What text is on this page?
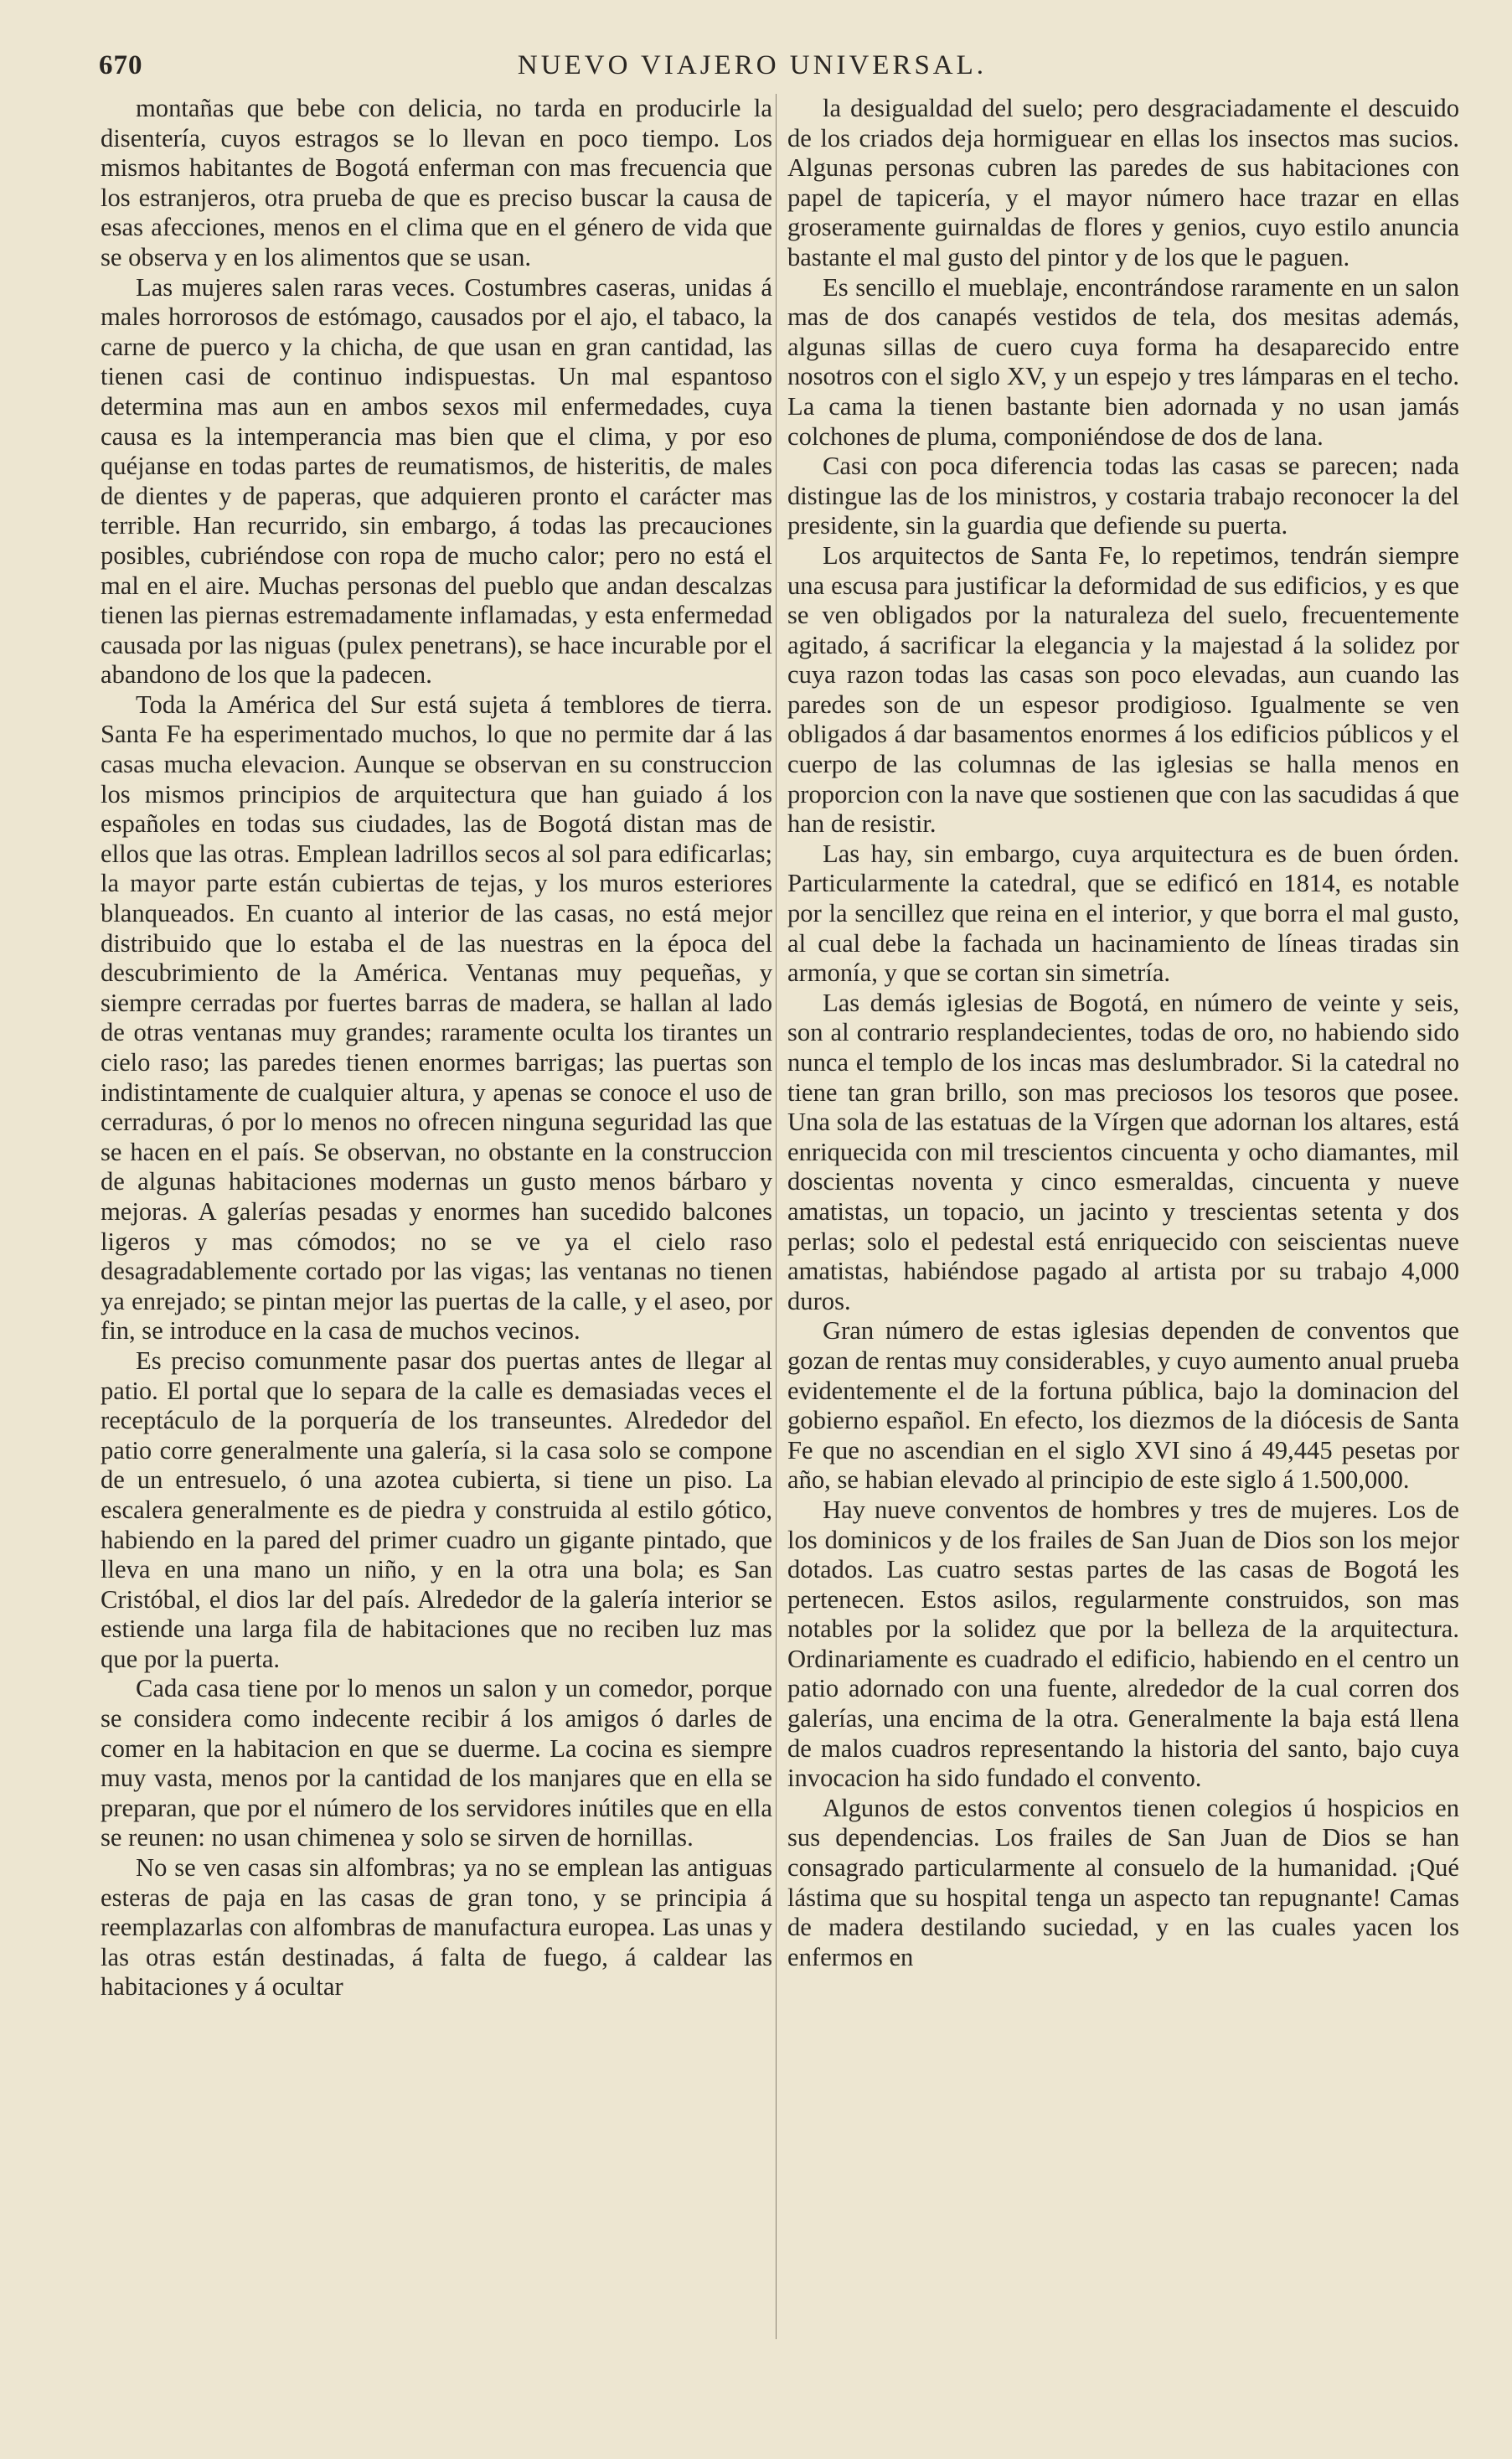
670	NUEVO VIAJERO UNIVERSAL.

montañas que bebe con delicia, no tarda en producirle la disentería, cuyos estragos se lo llevan en poco tiempo. Los mismos habitantes de Bogotá enferman con mas frecuencia que los estranjeros, otra prueba de que es preciso buscar la causa de esas afecciones, menos en el clima que en el género de vida que se observa y en los alimentos que se usan.

Las mujeres salen raras veces. Costumbres caseras, unidas á males horrorosos de estómago, causados por el ajo, el tabaco, la carne de puerco y la chicha, de que usan en gran cantidad, las tienen casi de continuo indispuestas. Un mal espantoso determina mas aun en ambos sexos mil enfermedades, cuya causa es la intemperancia mas bien que el clima, y por eso quéjanse en todas partes de reumatismos, de histeritis, de males de dientes y de paperas, que adquieren pronto el carácter mas terrible. Han recurrido, sin embargo, á todas las precauciones posibles, cubriéndose con ropa de mucho calor; pero no está el mal en el aire. Muchas personas del pueblo que andan descalzas tienen las piernas estremadamente inflamadas, y esta enfermedad causada por las niguas (pulex penetrans), se hace incurable por el abandono de los que la padecen.

Toda la América del Sur está sujeta á temblores de tierra. Santa Fe ha esperimentado muchos, lo que no permite dar á las casas mucha elevacion. Aunque se observan en su construccion los mismos principios de arquitectura que han guiado á los españoles en todas sus ciudades, las de Bogotá distan mas de ellos que las otras. Emplean ladrillos secos al sol para edificarlas; la mayor parte están cubiertas de tejas, y los muros esteriores blanqueados. En cuanto al interior de las casas, no está mejor distribuido que lo estaba el de las nuestras en la época del descubrimiento de la América. Ventanas muy pequeñas, y siempre cerradas por fuertes barras de madera, se hallan al lado de otras ventanas muy grandes; raramente oculta los tirantes un cielo raso; las paredes tienen enormes barrigas; las puertas son indistintamente de cualquier altura, y apenas se conoce el uso de cerraduras, ó por lo menos no ofrecen ninguna seguridad las que se hacen en el país. Se observan, no obstante en la construccion de algunas habitaciones modernas un gusto menos bárbaro y mejoras. A galerías pesadas y enormes han sucedido balcones ligeros y mas cómodos; no se ve ya el cielo raso desagradablemente cortado por las vigas; las ventanas no tienen ya enrejado; se pintan mejor las puertas de la calle, y el aseo, por fin, se introduce en la casa de muchos vecinos.

Es preciso comunmente pasar dos puertas antes de llegar al patio. El portal que lo separa de la calle es demasiadas veces el receptáculo de la porquería de los transeuntes. Alrededor del patio corre generalmente una galería, si la casa solo se compone de un entresuelo, ó una azotea cubierta, si tiene un piso. La escalera generalmente es de piedra y construida al estilo gótico, habiendo en la pared del primer cuadro un gigante pintado, que lleva en una mano un niño, y en la otra una bola; es San Cristóbal, el dios lar del país. Alrededor de la galería interior se estiende una larga fila de habitaciones que no reciben luz mas que por la puerta.

Cada casa tiene por lo menos un salon y un comedor, porque se considera como indecente recibir á los amigos ó darles de comer en la habitacion en que se duerme. La cocina es siempre muy vasta, menos por la cantidad de los manjares que en ella se preparan, que por el número de los servidores inútiles que en ella se reunen: no usan chimenea y solo se sirven de hornillas.

No se ven casas sin alfombras; ya no se emplean las antiguas esteras de paja en las casas de gran tono, y se principia á reemplazarlas con alfombras de manufactura europea. Las unas y las otras están destinadas, á falta de fuego, á caldear las habitaciones y á ocultar

la desigualdad del suelo; pero desgraciadamente el descuido de los criados deja hormiguear en ellas los insectos mas sucios. Algunas personas cubren las paredes de sus habitaciones con papel de tapicería, y el mayor número hace trazar en ellas groseramente guirnaldas de flores y genios, cuyo estilo anuncia bastante el mal gusto del pintor y de los que le paguen.

Es sencillo el mueblaje, encontrándose raramente en un salon mas de dos canapés vestidos de tela, dos mesitas además, algunas sillas de cuero cuya forma ha desaparecido entre nosotros con el siglo XV, y un espejo y tres lámparas en el techo. La cama la tienen bastante bien adornada y no usan jamás colchones de pluma, componiéndose de dos de lana.

Casi con poca diferencia todas las casas se parecen; nada distingue las de los ministros, y costaria trabajo reconocer la del presidente, sin la guardia que defiende su puerta.

Los arquitectos de Santa Fe, lo repetimos, tendrán siempre una escusa para justificar la deformidad de sus edificios, y es que se ven obligados por la naturaleza del suelo, frecuentemente agitado, á sacrificar la elegancia y la majestad á la solidez por cuya razon todas las casas son poco elevadas, aun cuando las paredes son de un espesor prodigioso. Igualmente se ven obligados á dar basamentos enormes á los edificios públicos y el cuerpo de las columnas de las iglesias se halla menos en proporcion con la nave que sostienen que con las sacudidas á que han de resistir.

Las hay, sin embargo, cuya arquitectura es de buen órden. Particularmente la catedral, que se edificó en 1814, es notable por la sencillez que reina en el interior, y que borra el mal gusto, al cual debe la fachada un hacinamiento de líneas tiradas sin armonía, y que se cortan sin simetría.

Las demás iglesias de Bogotá, en número de veinte y seis, son al contrario resplandecientes, todas de oro, no habiendo sido nunca el templo de los incas mas deslumbrador. Si la catedral no tiene tan gran brillo, son mas preciosos los tesoros que posee. Una sola de las estatuas de la Vírgen que adornan los altares, está enriquecida con mil trescientos cincuenta y ocho diamantes, mil doscientas noventa y cinco esmeraldas, cincuenta y nueve amatistas, un topacio, un jacinto y trescientas setenta y dos perlas; solo el pedestal está enriquecido con seiscientas nueve amatistas, habiéndose pagado al artista por su trabajo 4,000 duros.

Gran número de estas iglesias dependen de conventos que gozan de rentas muy considerables, y cuyo aumento anual prueba evidentemente el de la fortuna pública, bajo la dominacion del gobierno español. En efecto, los diezmos de la diócesis de Santa Fe que no ascendian en el siglo XVI sino á 49,445 pesetas por año, se habian elevado al principio de este siglo á 1.500,000.

Hay nueve conventos de hombres y tres de mujeres. Los de los dominicos y de los frailes de San Juan de Dios son los mejor dotados. Las cuatro sestas partes de las casas de Bogotá les pertenecen. Estos asilos, regularmente construidos, son mas notables por la solidez que por la belleza de la arquitectura. Ordinariamente es cuadrado el edificio, habiendo en el centro un patio adornado con una fuente, alrededor de la cual corren dos galerías, una encima de la otra. Generalmente la baja está llena de malos cuadros representando la historia del santo, bajo cuya invocacion ha sido fundado el convento.

Algunos de estos conventos tienen colegios ú hospicios en sus dependencias. Los frailes de San Juan de Dios se han consagrado particularmente al consuelo de la humanidad. ¡Qué lástima que su hospital tenga un aspecto tan repugnante! Camas de madera destilando suciedad, y en las cuales yacen los enfermos en
